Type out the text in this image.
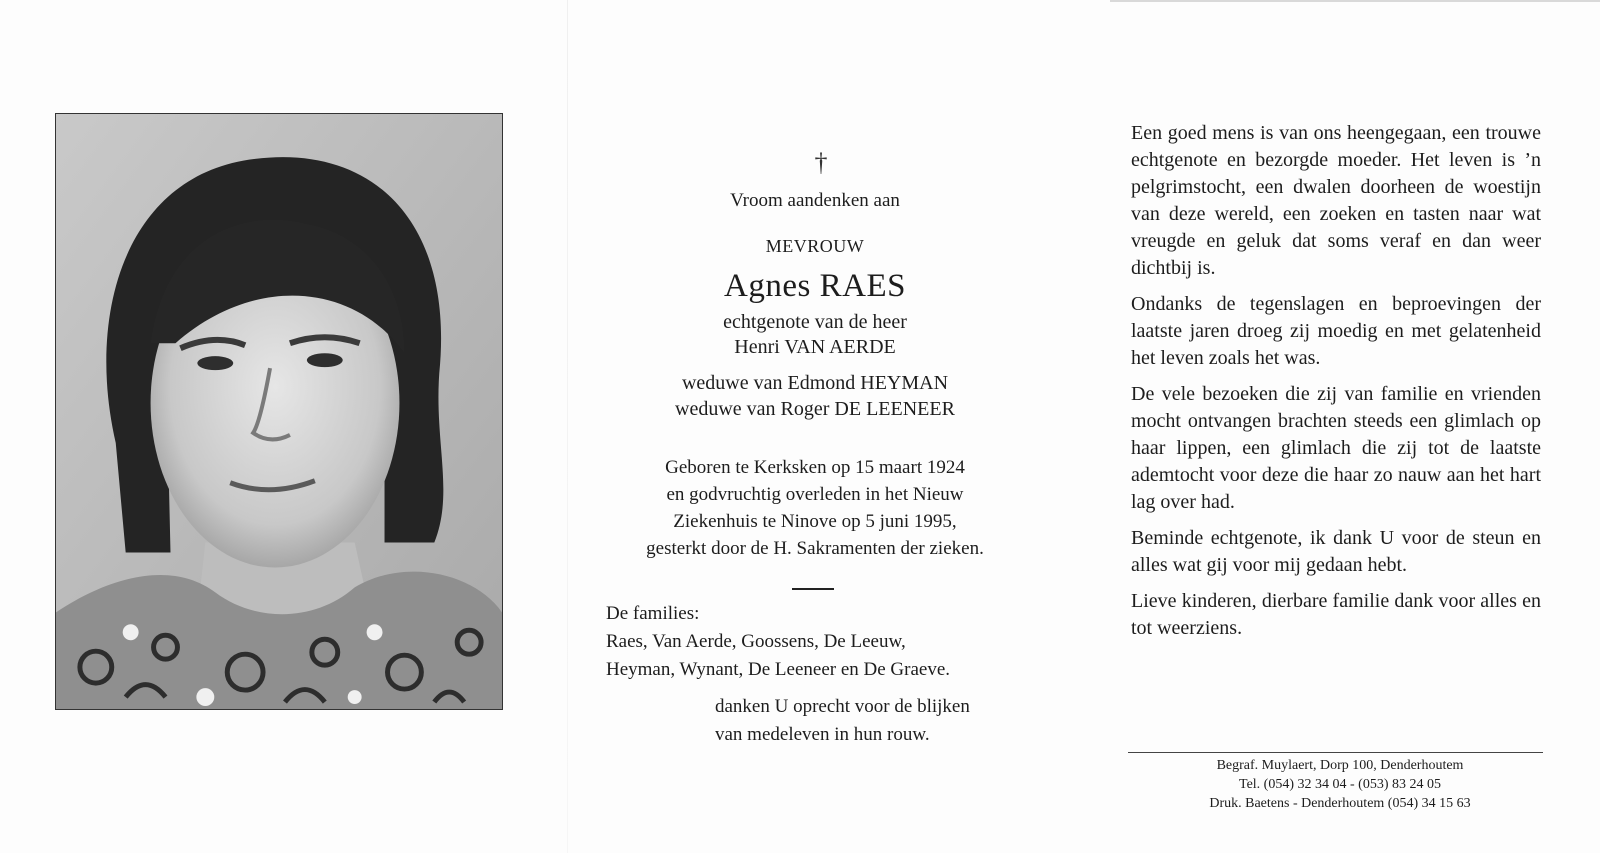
†
Vroom aandenken aan
MEVROUW
Agnes RAES
echtgenote van de heer
Henri VAN AERDE
weduwe van Edmond HEYMAN
weduwe van Roger DE LEENEER
Geboren te Kerksken op 15 maart 1924
en godvruchtig overleden in het Nieuw
Ziekenhuis te Ninove op 5 juni 1995,
gesterkt door de H. Sakramenten der zieken.
De families:
Raes, Van Aerde, Goossens, De Leeuw,
Heyman, Wynant, De Leeneer en De Graeve.
danken U oprecht voor de blijken
van medeleven in hun rouw.

Een goed mens is van ons heengegaan, een trouwe echtgenote en bezorgde moeder. Het leven is ’n pelgrimstocht, een dwalen doorheen de woestijn van deze wereld, een zoeken en tasten naar wat vreugde en geluk dat soms veraf en dan weer dichtbij is.

Ondanks de tegenslagen en beproevingen der laatste jaren droeg zij moedig en met gelatenheid het leven zoals het was.

De vele bezoeken die zij van familie en vrienden mocht ontvangen brachten steeds een glimlach op haar lippen, een glimlach die zij tot de laatste ademtocht voor deze die haar zo nauw aan het hart lag over had.

Beminde echtgenote, ik dank U voor de steun en alles wat gij voor mij gedaan hebt.

Lieve kinderen, dierbare familie dank voor alles en tot weerziens.

Begraf. Muylaert, Dorp 100, Denderhoutem
Tel. (054) 32 34 04 - (053) 83 24 05
Druk. Baetens - Denderhoutem (054) 34 15 63
